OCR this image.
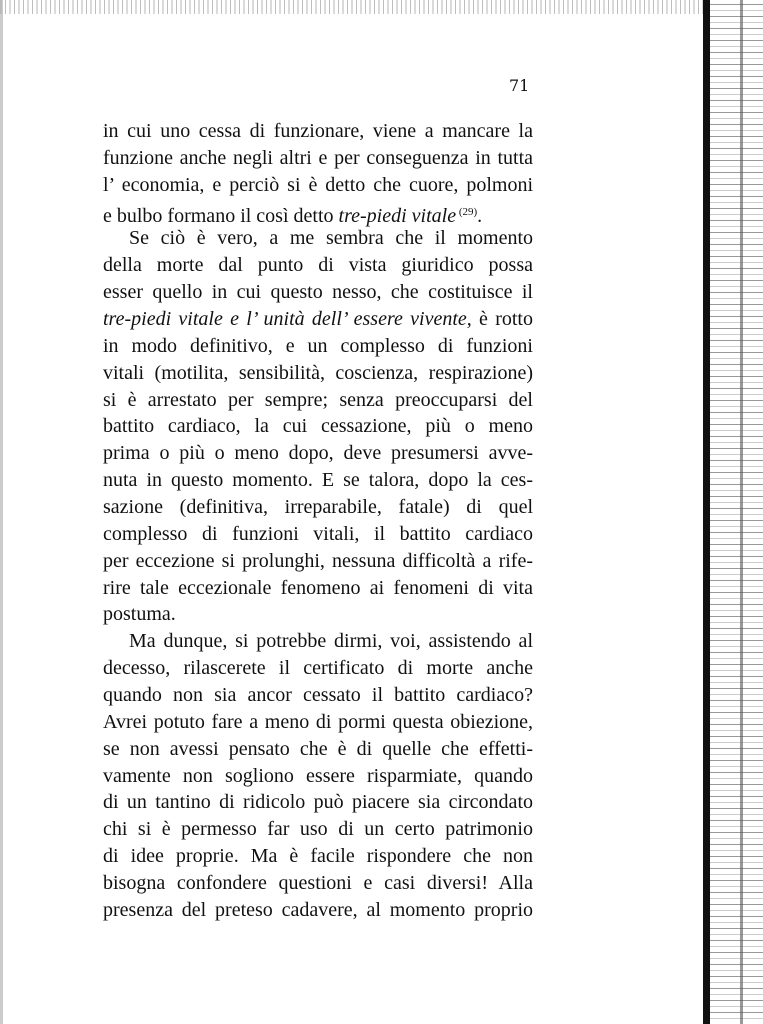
71
in cui uno cessa di funzionare, viene a mancare la
funzione anche negli altri e per conseguenza in tutta
l’ economia, e perciò si è detto che cuore, polmoni
e bulbo formano il così detto tre-piedi vitale $^{(29)}$.
Se ciò è vero, a me sembra che il momento
della morte dal punto di vista giuridico possa
esser quello in cui questo nesso, che costituisce il
tre-piedi vitale e l’ unità dell’ essere vivente, è rotto
in modo definitivo, e un complesso di funzioni
vitali (motilita, sensibilità, coscienza, respirazione)
si è arrestato per sempre; senza preoccuparsi del
battito cardiaco, la cui cessazione, più o meno
prima o più o meno dopo, deve presumersi avve-
nuta in questo momento. E se talora, dopo la ces-
sazione (definitiva, irreparabile, fatale) di quel
complesso di funzioni vitali, il battito cardiaco
per eccezione si prolunghi, nessuna difficoltà a rife-
rire tale eccezionale fenomeno ai fenomeni di vita
postuma.
Ma dunque, si potrebbe dirmi, voi, assistendo al
decesso, rilascerete il certificato di morte anche
quando non sia ancor cessato il battito cardiaco?
Avrei potuto fare a meno di pormi questa obiezione,
se non avessi pensato che è di quelle che effetti-
vamente non sogliono essere risparmiate, quando
di un tantino di ridicolo può piacere sia circondato
chi si è permesso far uso di un certo patrimonio
di idee proprie. Ma è facile rispondere che non
bisogna confondere questioni e casi diversi! Alla
presenza del preteso cadavere, al momento proprio
